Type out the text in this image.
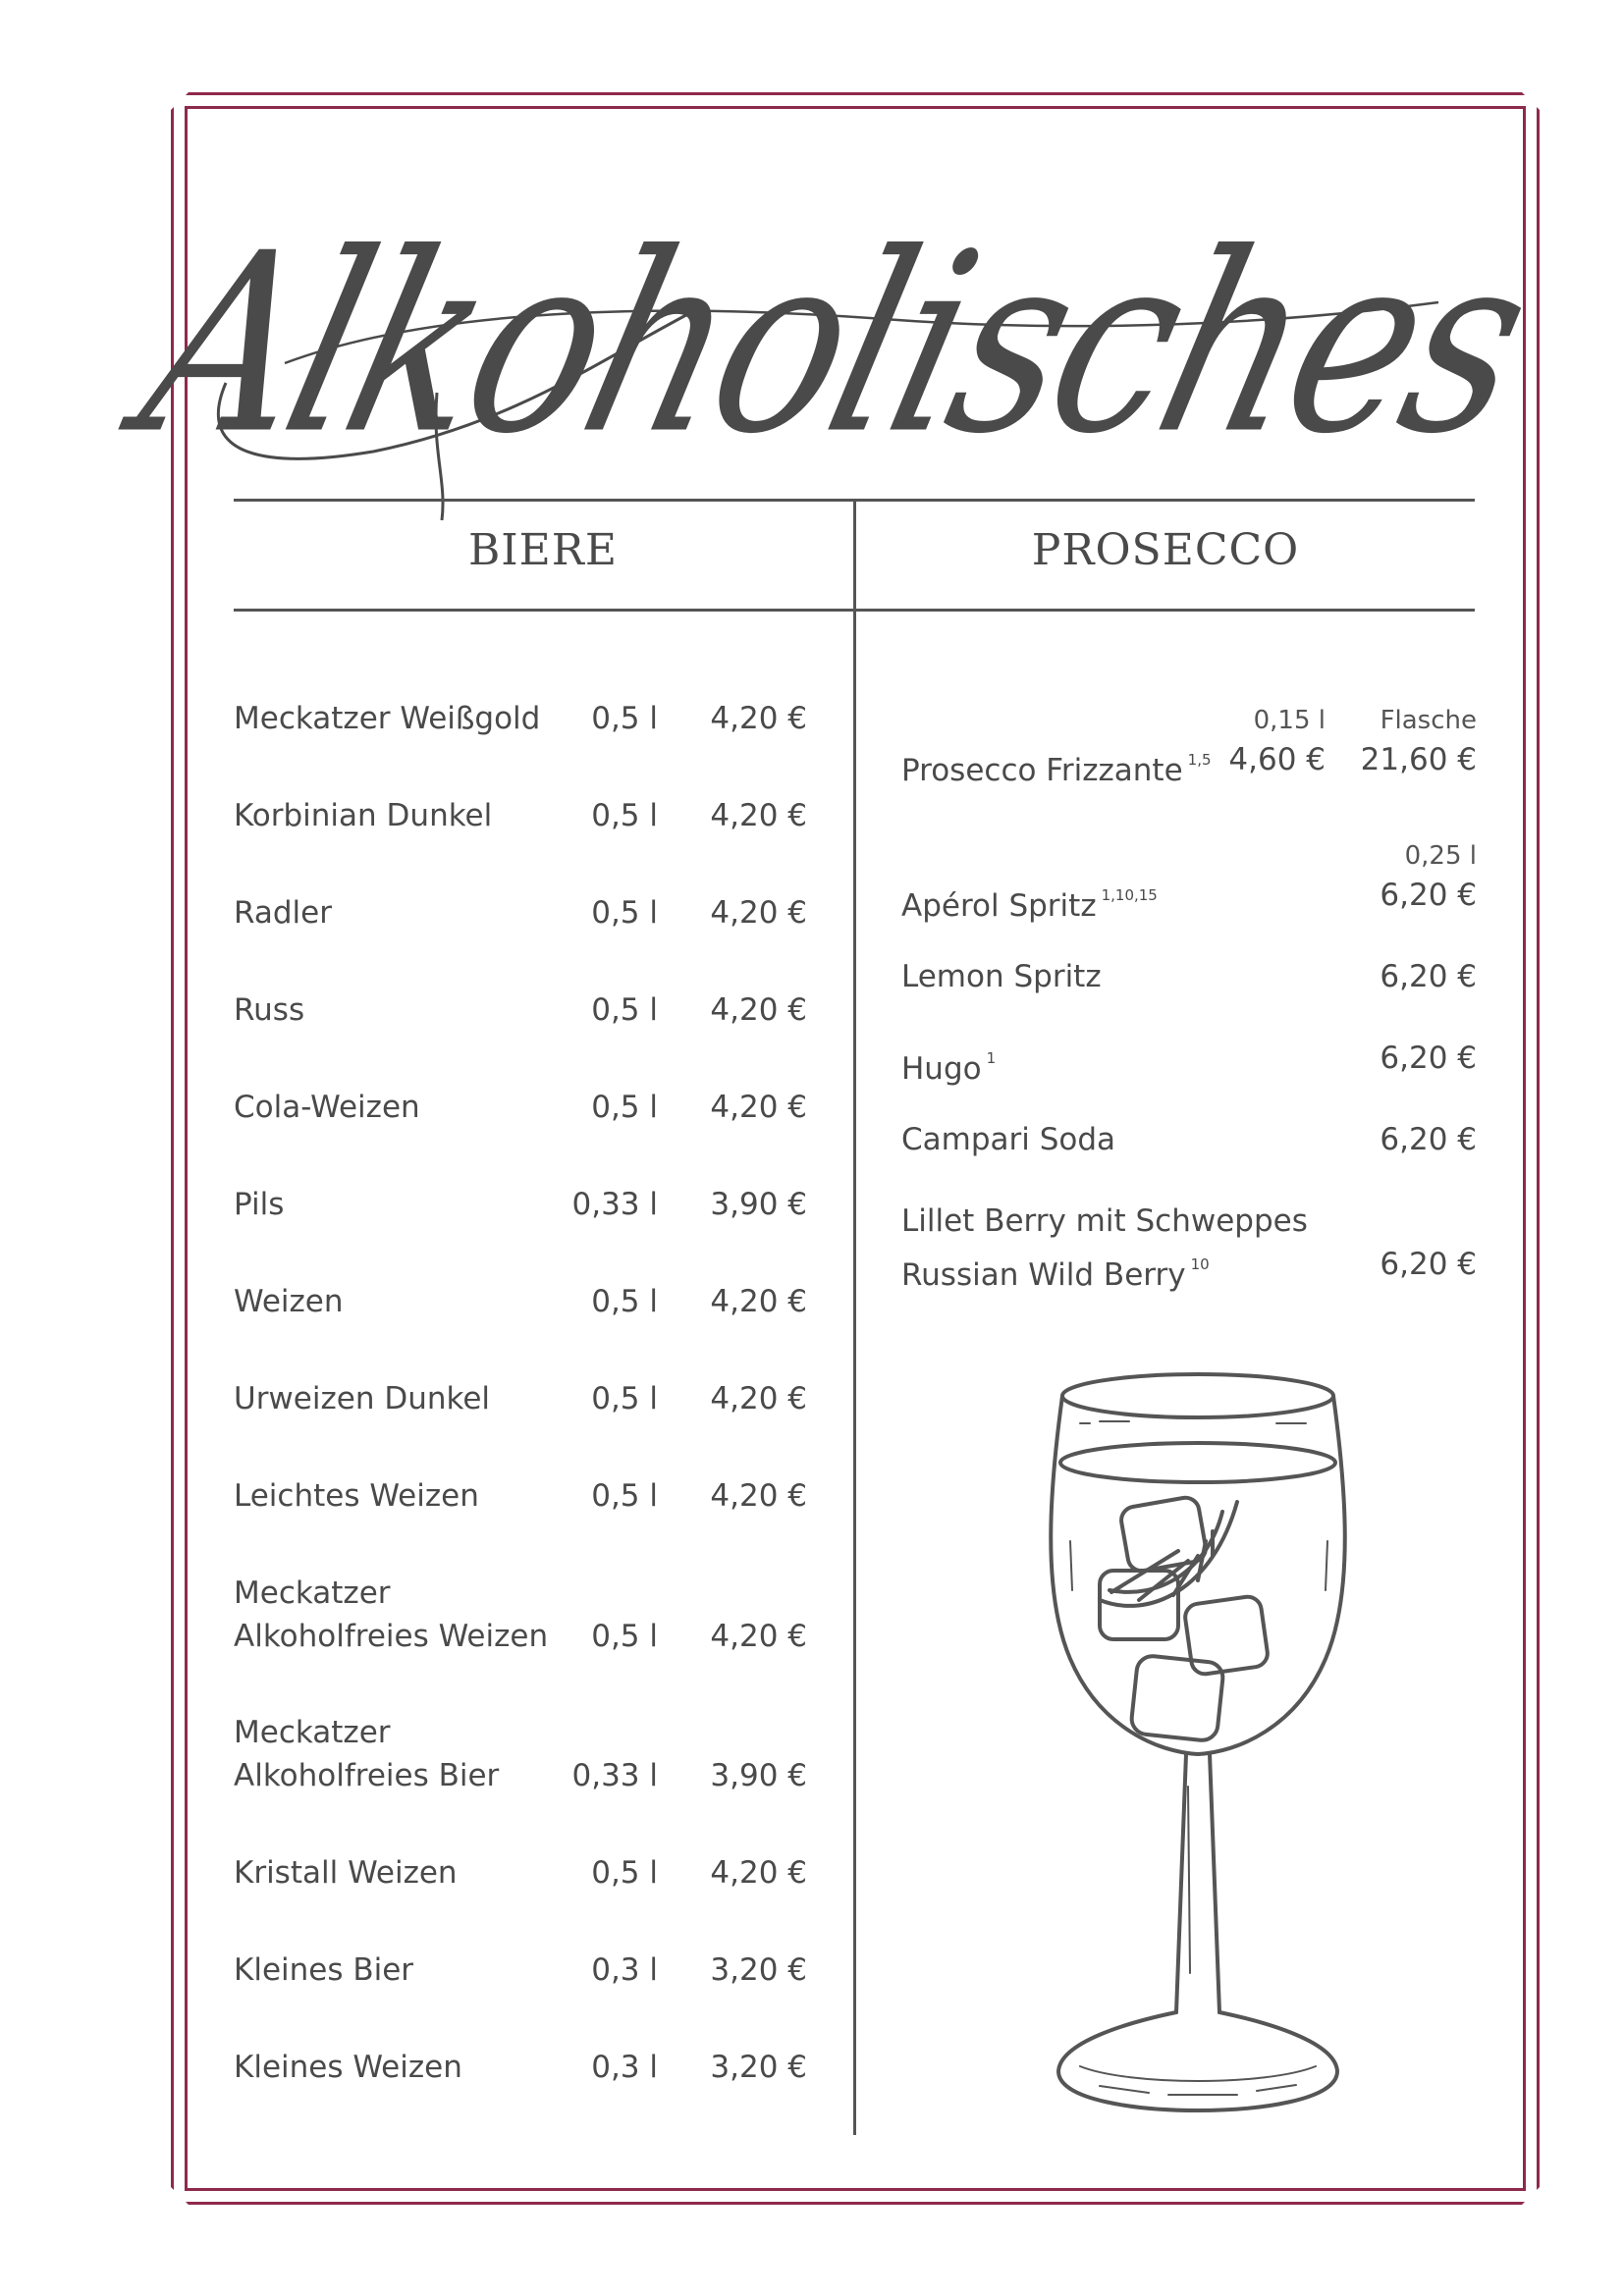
Alkoholisches
BIERE	PROSECCO
Meckatzer Weißgold	0,5 l	4,20 €
Korbinian Dunkel	0,5 l	4,20 €
Radler	0,5 l	4,20 €
Russ	0,5 l	4,20 €
Cola-Weizen	0,5 l	4,20 €
Pils	0,33 l	3,90 €
Weizen	0,5 l	4,20 €
Urweizen Dunkel	0,5 l	4,20 €
Leichtes Weizen	0,5 l	4,20 €
Meckatzer
Alkoholfreies Weizen	0,5 l	4,20 €
Meckatzer
Alkoholfreies Bier	0,33 l	3,90 €
Kristall Weizen	0,5 l	4,20 €
Kleines Bier	0,3 l	3,20 €
Kleines Weizen	0,3 l	3,20 €
0,15 l	Flasche
Prosecco Frizzante $^{1,5}$ 4,60 €	21,60 €
0,25 l
Apérol Spritz $^{1,10,15}$	6,20 €
Lemon Spritz	6,20 €
Hugo $^1$	6,20 €
Campari Soda	6,20 €
Lillet Berry mit Schweppes
Russian Wild Berry $^{10}$	6,20 €
